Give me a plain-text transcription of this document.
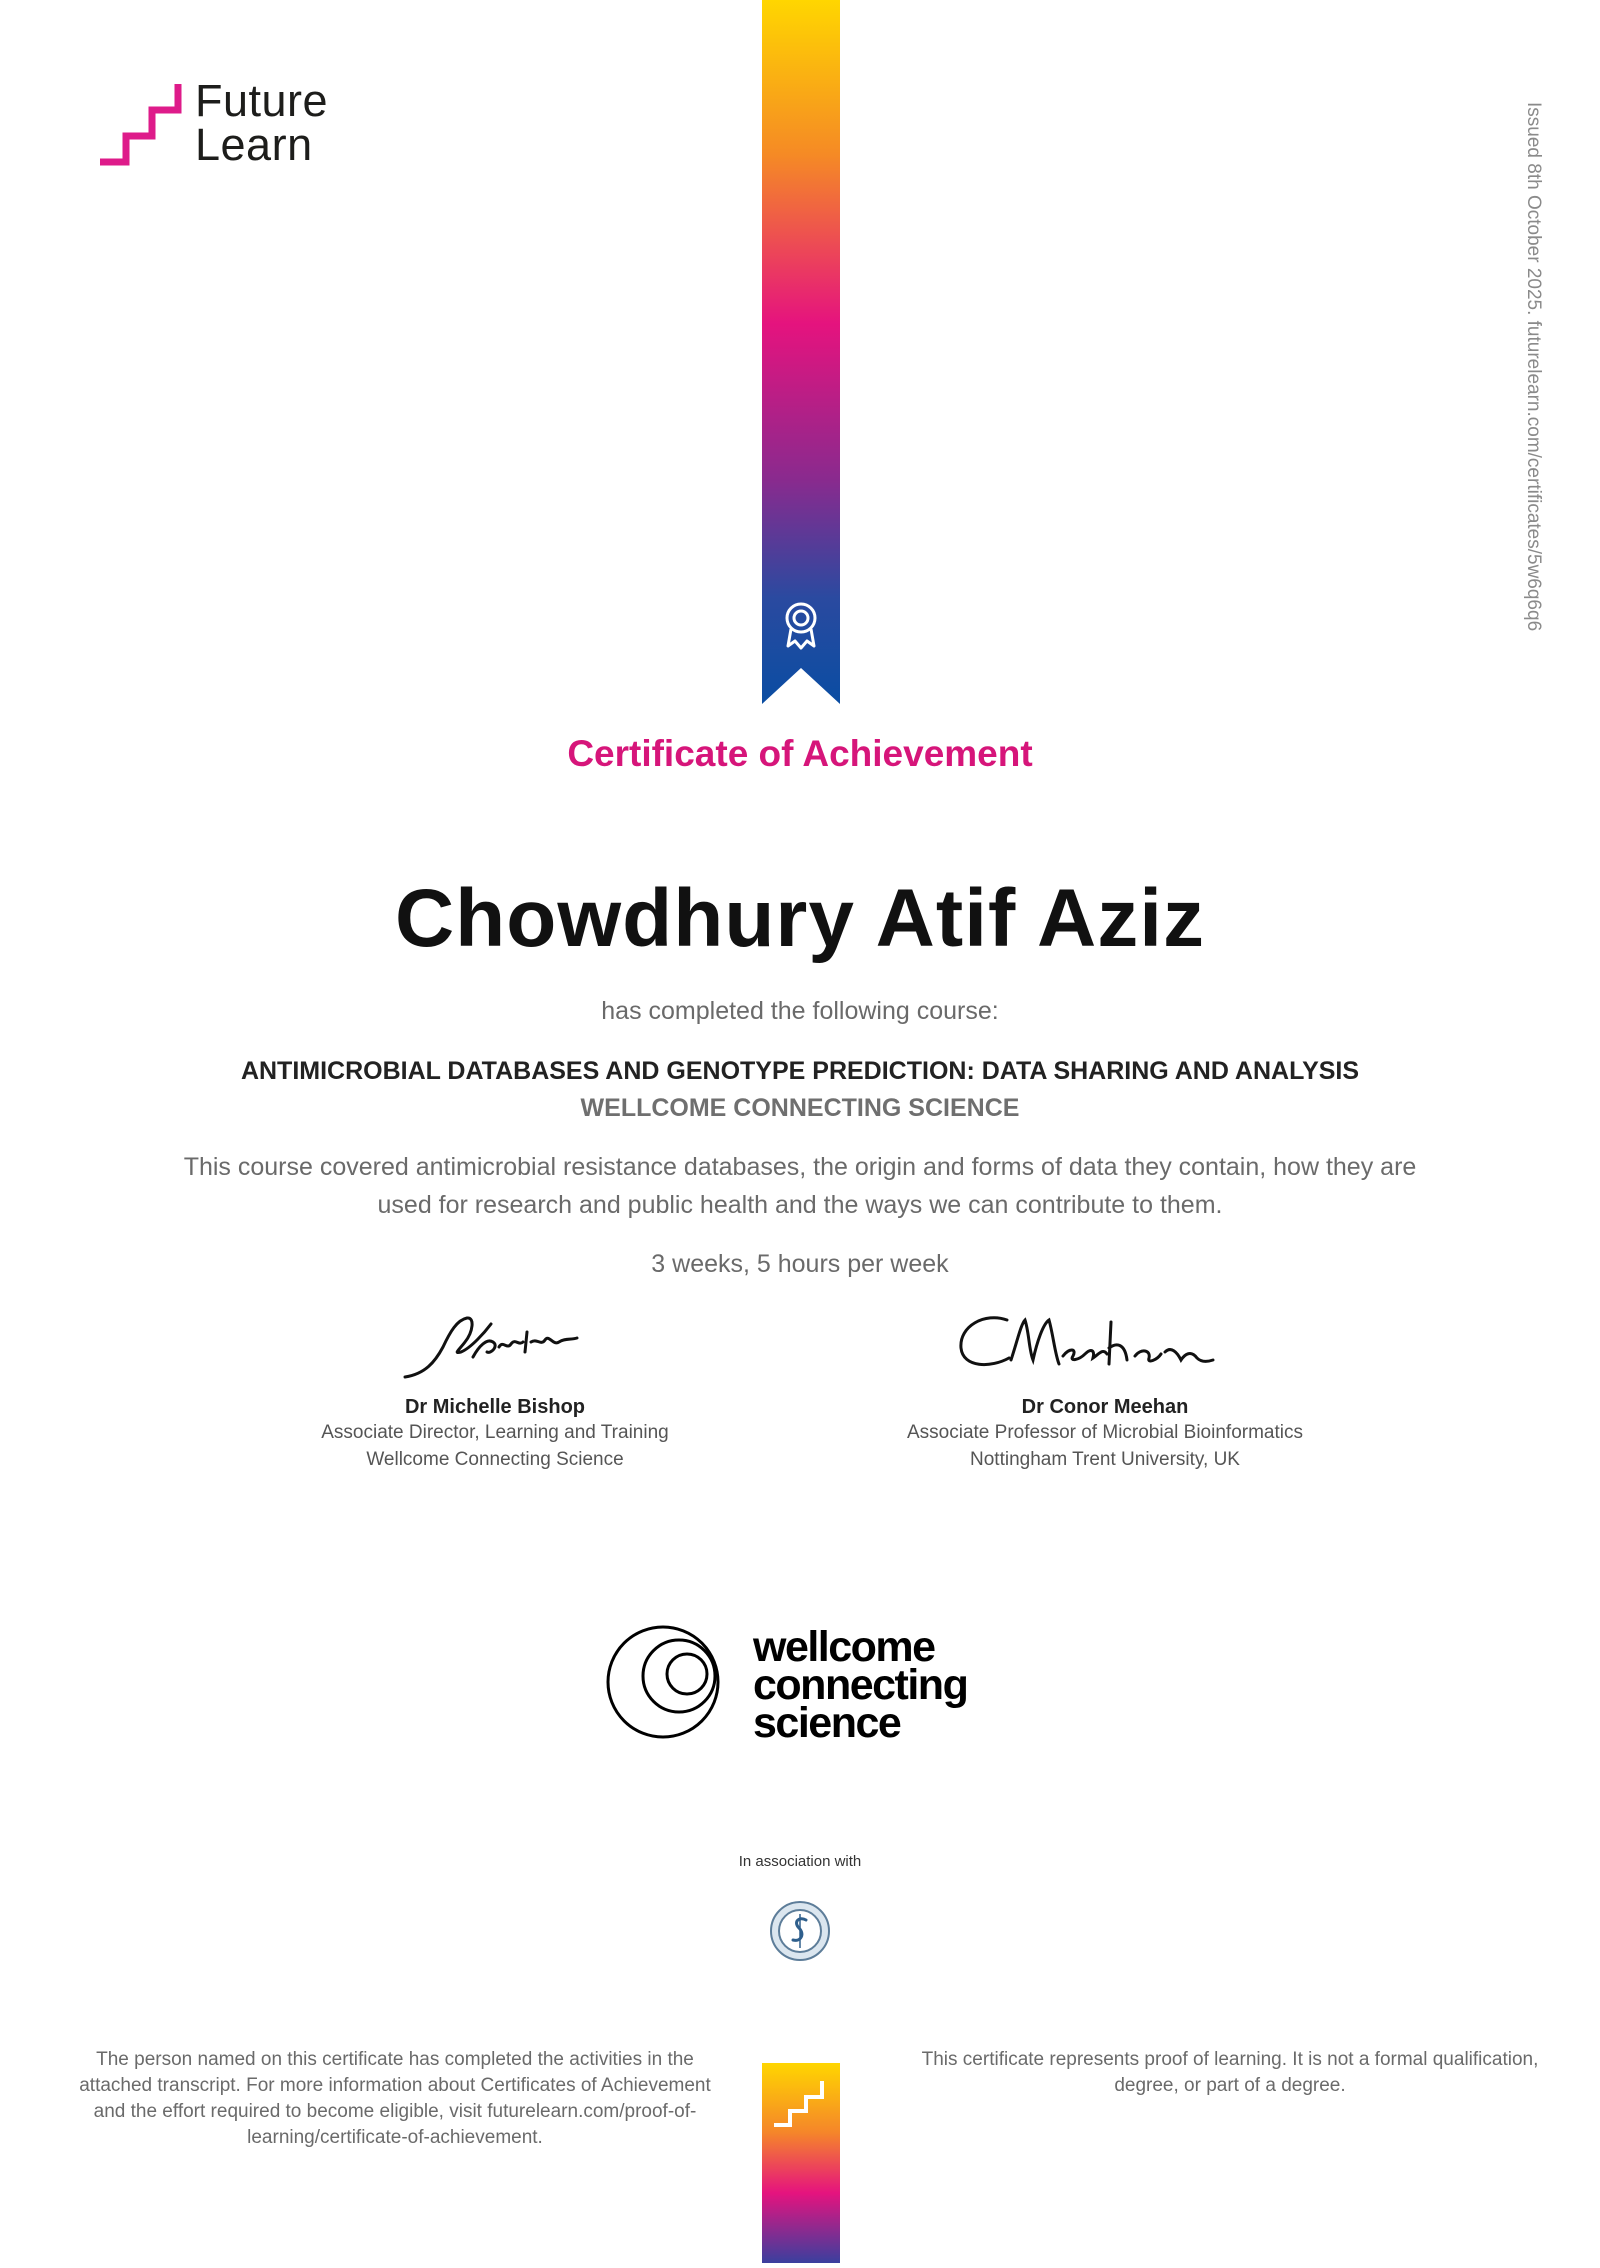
Future
Learn	Issued 8th October 2025. futurelearn.com/certificates/5w6q6q6
Certificate of Achievement
Chowdhury Atif Aziz
has completed the following course:
ANTIMICROBIAL DATABASES AND GENOTYPE PREDICTION: DATA SHARING AND ANALYSIS
WELLCOME CONNECTING SCIENCE
This course covered antimicrobial resistance databases, the origin and forms of data they contain, how they are used for research and public health and the ways we can contribute to them.
3 weeks, 5 hours per week
Dr Michelle Bishop
Associate Director, Learning and Training
Wellcome Connecting Science
Dr Conor Meehan
Associate Professor of Microbial Bioinformatics
Nottingham Trent University, UK
wellcome
connecting
science
In association with
The person named on this certificate has completed the activities in the attached transcript. For more information about Certificates of Achievement and the effort required to become eligible, visit futurelearn.com/proof-of-learning/certificate-of-achievement.
This certificate represents proof of learning. It is not a formal qualification, degree, or part of a degree.
